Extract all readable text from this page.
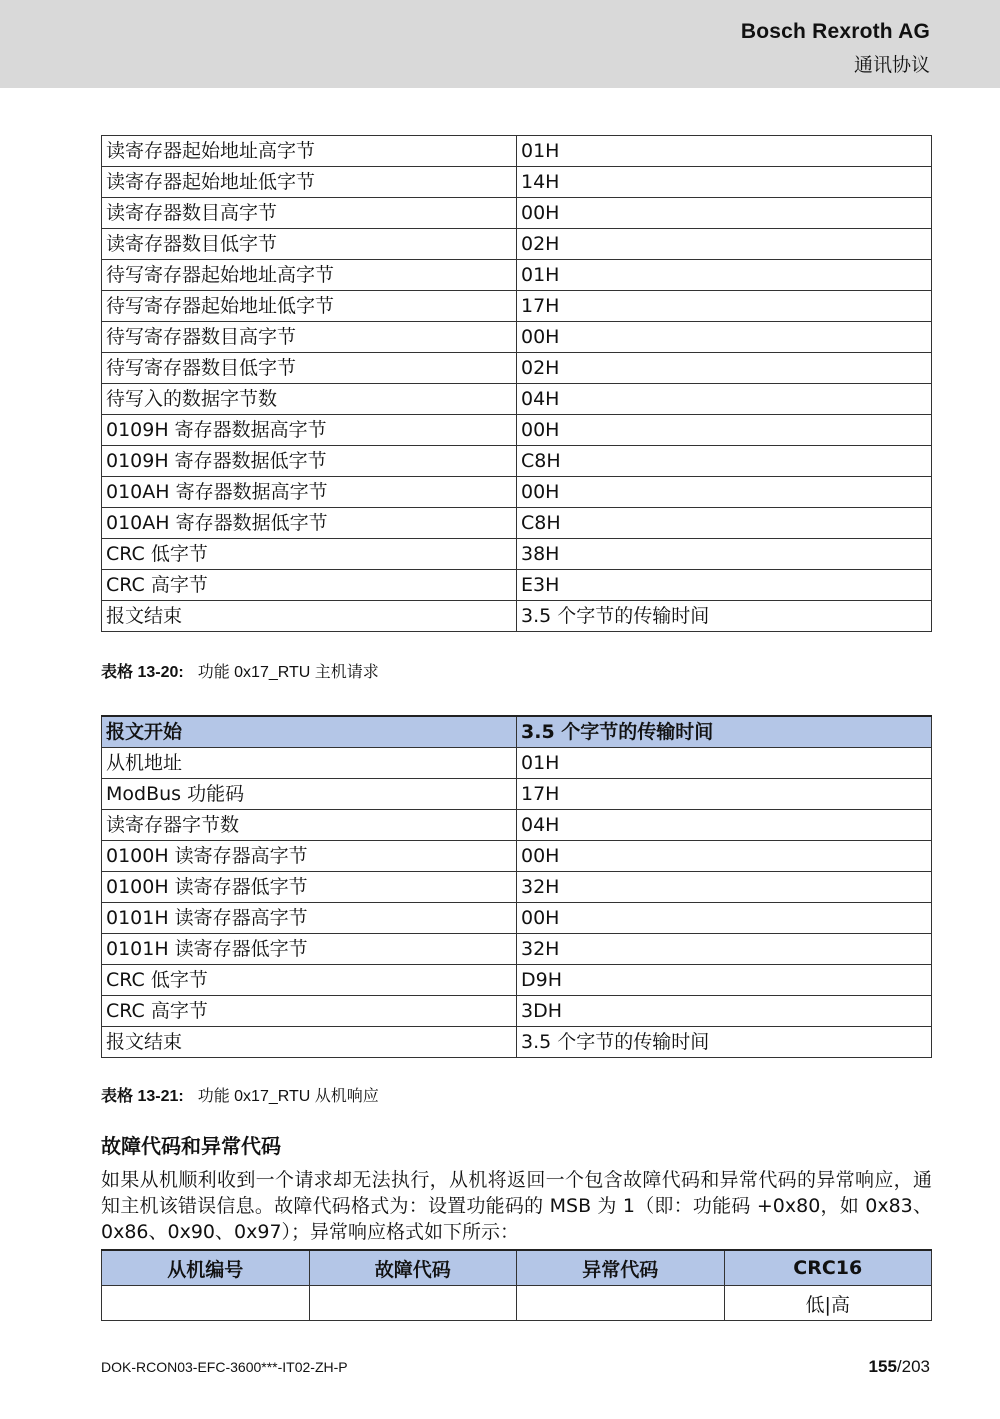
Bosch Rexroth AG
通讯协议
读寄存器起始地址高字节	01H
读寄存器起始地址低字节	14H
读寄存器数目高字节	00H
读寄存器数目低字节	02H
待写寄存器起始地址高字节	01H
待写寄存器起始地址低字节	17H
待写寄存器数目高字节	00H
待写寄存器数目低字节	02H
待写入的数据字节数	04H
0109H 寄存器数据高字节	00H
0109H 寄存器数据低字节	C8H
010AH 寄存器数据高字节	00H
010AH 寄存器数据低字节	C8H
CRC 低字节	38H
CRC 高字节	E3H
报文结束	3.5 个字节的传输时间
表格 13-20: 功能 0x17_RTU 主机请求
报文开始	3.5 个字节的传输时间
从机地址	01H
ModBus 功能码	17H
读寄存器字节数	04H
0100H 读寄存器高字节	00H
0100H 读寄存器低字节	32H
0101H 读寄存器高字节	00H
0101H 读寄存器低字节	32H
CRC 低字节	D9H
CRC 高字节	3DH
报文结束	3.5 个字节的传输时间
表格 13-21: 功能 0x17_RTU 从机响应
故障代码和异常代码
如果从机顺利收到一个请求却无法执行，从机将返回一个包含故障代码和异常代码的异常响应，通知主机该错误信息。故障代码格式为：设置功能码的 MSB 为 1（即：功能码 +0x80，如 0x83、0x86、0x90、0x97）；异常响应格式如下所示：
从机编号	故障代码	异常代码	CRC16
			低|高
DOK-RCON03-EFC-3600***-IT02-ZH-P	155/203
